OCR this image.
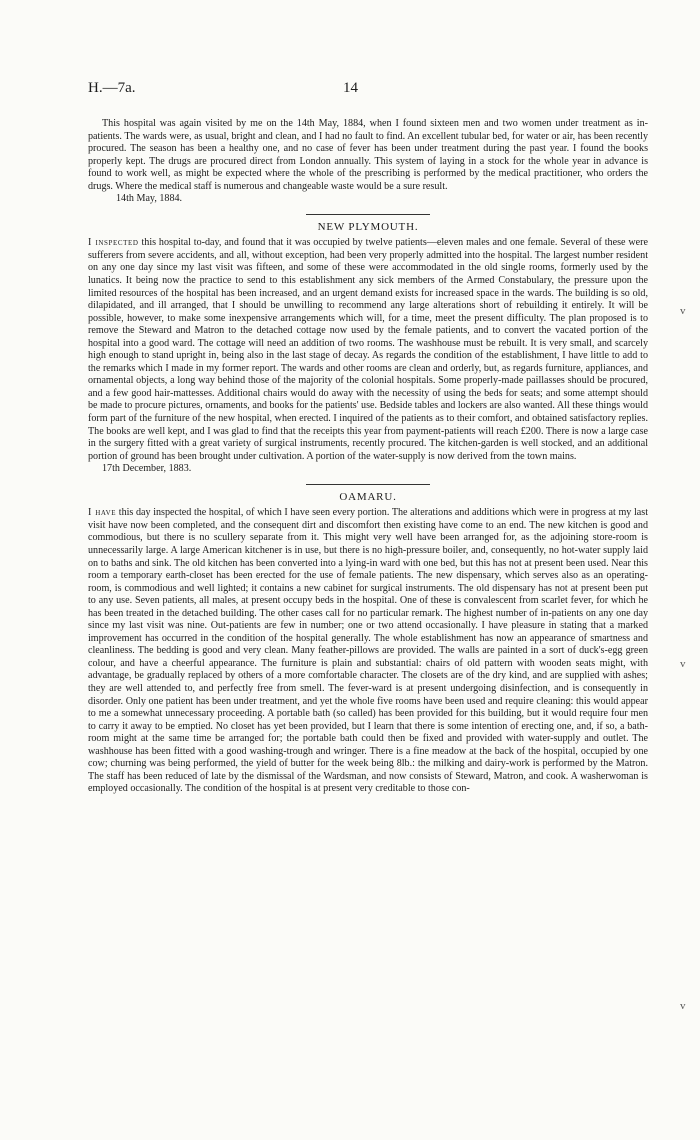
H.—7a.	14

This hospital was again visited by me on the 14th May, 1884, when I found sixteen men and two women under treatment as in-patients. The wards were, as usual, bright and clean, and I had no fault to find. An excellent tubular bed, for water or air, has been recently procured. The season has been a healthy one, and no case of fever has been under treatment during the past year. I found the books properly kept. The drugs are procured direct from London annually. This system of laying in a stock for the whole year in advance is found to work well, as might be expected where the whole of the prescribing is performed by the medical practitioner, who orders the drugs. Where the medical staff is numerous and changeable waste would be a sure result.

14th May, 1884.

NEW PLYMOUTH.

I inspected this hospital to-day, and found that it was occupied by twelve patients—eleven males and one female. Several of these were sufferers from severe accidents, and all, without exception, had been very properly admitted into the hospital. The largest number resident on any one day since my last visit was fifteen, and some of these were accommodated in the old single rooms, formerly used by the lunatics. It being now the practice to send to this establishment any sick members of the Armed Constabulary, the pressure upon the limited resources of the hospital has been increased, and an urgent demand exists for increased space in the wards. The building is so old, dilapidated, and ill arranged, that I should be unwilling to recommend any large alterations short of rebuilding it entirely. It will be possible, however, to make some inexpensive arrangements which will, for a time, meet the present difficulty. The plan proposed is to remove the Steward and Matron to the detached cottage now used by the female patients, and to convert the vacated portion of the hospital into a good ward. The cottage will need an addition of two rooms. The washhouse must be rebuilt. It is very small, and scarcely high enough to stand upright in, being also in the last stage of decay. As regards the condition of the establishment, I have little to add to the remarks which I made in my former report. The wards and other rooms are clean and orderly, but, as regards furniture, appliances, and ornamental objects, a long way behind those of the majority of the colonial hospitals. Some properly-made paillasses should be procured, and a few good hair-mattesses. Additional chairs would do away with the necessity of using the beds for seats; and some attempt should be made to procure pictures, ornaments, and books for the patients' use. Bedside tables and lockers are also wanted. All these things would form part of the furniture of the new hospital, when erected. I inquired of the patients as to their comfort, and obtained satisfactory replies. The books are well kept, and I was glad to find that the receipts this year from payment-patients will reach £200. There is now a large case in the surgery fitted with a great variety of surgical instruments, recently procured. The kitchen-garden is well stocked, and an additional portion of ground has been brought under cultivation. A portion of the water-supply is now derived from the town mains.

17th December, 1883.

OAMARU.

I have this day inspected the hospital, of which I have seen every portion. The alterations and additions which were in progress at my last visit have now been completed, and the consequent dirt and discomfort then existing have come to an end. The new kitchen is good and commodious, but there is no scullery separate from it. This might very well have been arranged for, as the adjoining store-room is unnecessarily large. A large American kitchener is in use, but there is no high-pressure boiler, and, consequently, no hot-water supply laid on to baths and sink. The old kitchen has been converted into a lying-in ward with one bed, but this has not at present been used. Near this room a temporary earth-closet has been erected for the use of female patients. The new dispensary, which serves also as an operating-room, is commodious and well lighted; it contains a new cabinet for surgical instruments. The old dispensary has not at present been put to any use. Seven patients, all males, at present occupy beds in the hospital. One of these is convalescent from scarlet fever, for which he has been treated in the detached building. The other cases call for no particular remark. The highest number of in-patients on any one day since my last visit was nine. Out-patients are few in number; one or two attend occasionally. I have pleasure in stating that a marked improvement has occurred in the condition of the hospital generally. The whole establishment has now an appearance of smartness and cleanliness. The bedding is good and very clean. Many feather-pillows are provided. The walls are painted in a sort of duck's-egg green colour, and have a cheerful appearance. The furniture is plain and substantial: chairs of old pattern with wooden seats might, with advantage, be gradually replaced by others of a more comfortable character. The closets are of the dry kind, and are supplied with ashes; they are well attended to, and perfectly free from smell. The fever-ward is at present undergoing disinfection, and is consequently in disorder. Only one patient has been under treatment, and yet the whole five rooms have been used and require cleaning: this would appear to me a somewhat unnecessary proceeding. A portable bath (so called) has been provided for this building, but it would require four men to carry it away to be emptied. No closet has yet been provided, but I learn that there is some intention of erecting one, and, if so, a bath-room might at the same time be arranged for; the portable bath could then be fixed and provided with water-supply and outlet. The washhouse has been fitted with a good washing-trough and wringer. There is a fine meadow at the back of the hospital, occupied by one cow; churning was being performed, the yield of butter for the week being 8lb.: the milking and dairy-work is performed by the Matron. The staff has been reduced of late by the dismissal of the Wardsman, and now consists of Steward, Matron, and cook. A washerwoman is employed occasionally. The condition of the hospital is at present very creditable to those con-

v
v
v
